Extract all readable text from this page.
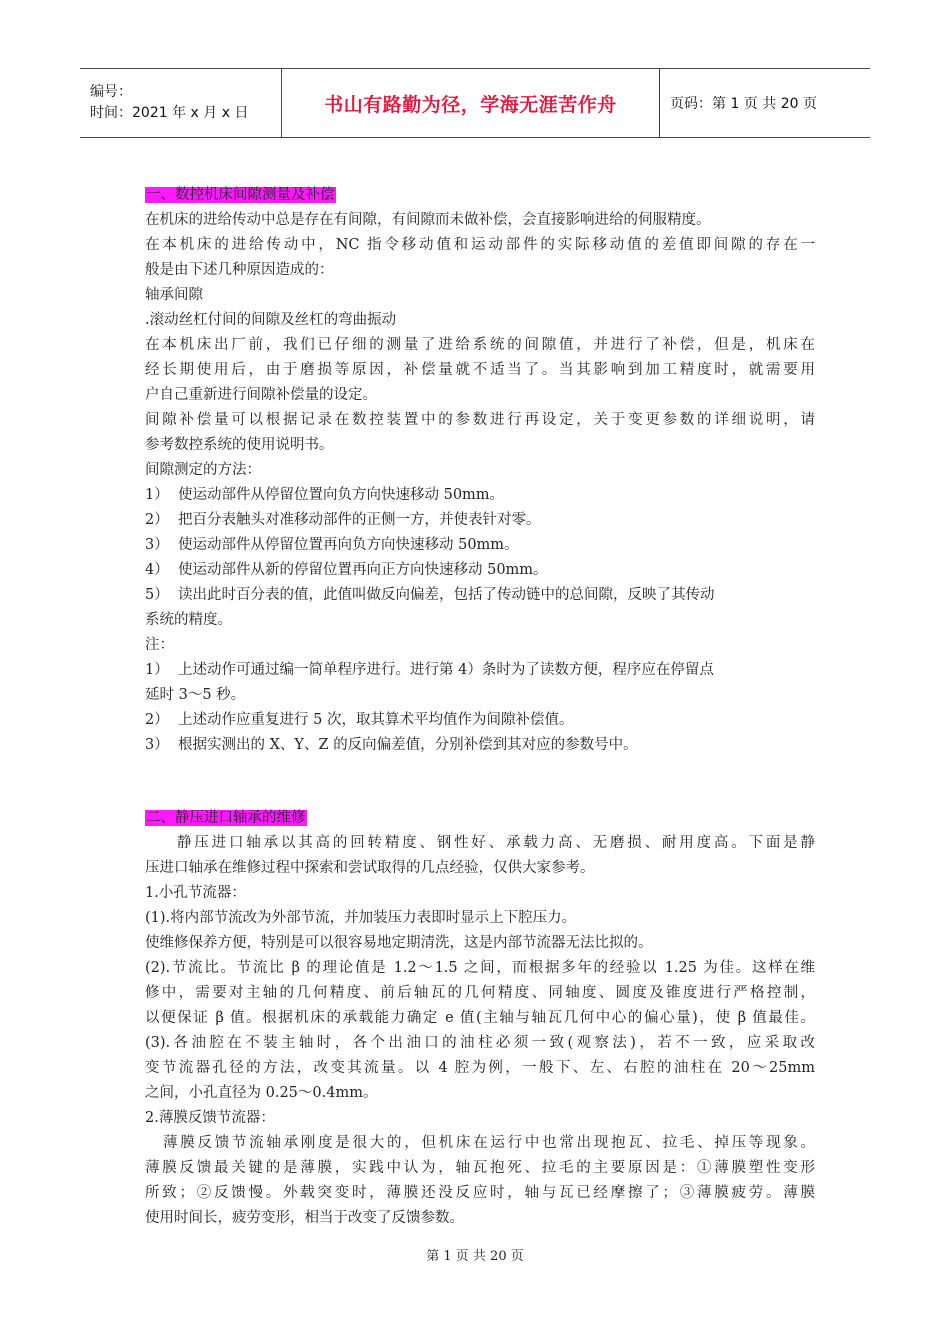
编号：
时间：2021 年 x 月 x 日	书山有路勤为径，学海无涯苦作舟	页码：第 1 页 共 20 页
一、数控机床间隙测量及补偿
在机床的进给传动中总是存在有间隙，有间隙而未做补偿，会直接影响进给的伺服精度。
在本机床的进给传动中，NC 指令移动值和运动部件的实际移动值的差值即间隙的存在一
般是由下述几种原因造成的：
轴承间隙
.滚动丝杠付间的间隙及丝杠的弯曲振动
在本机床出厂前，我们已仔细的测量了进给系统的间隙值，并进行了补偿，但是，机床在
经长期使用后，由于磨损等原因，补偿量就不适当了。当其影响到加工精度时，就需要用
户自己重新进行间隙补偿量的设定。
间隙补偿量可以根据记录在数控装置中的参数进行再设定，关于变更参数的详细说明，请
参考数控系统的使用说明书。
间隙测定的方法：
1） 使运动部件从停留位置向负方向快速移动 50mm。
2） 把百分表触头对准移动部件的正侧一方，并使表针对零。
3） 使运动部件从停留位置再向负方向快速移动 50mm。
4） 使运动部件从新的停留位置再向正方向快速移动 50mm。
5） 读出此时百分表的值，此值叫做反向偏差，包括了传动链中的总间隙，反映了其传动
系统的精度。
注：
1） 上述动作可通过编一简单程序进行。进行第 4）条时为了读数方便，程序应在停留点
延时 3～5 秒。
2） 上述动作应重复进行 5 次，取其算术平均值作为间隙补偿值。
3） 根据实测出的 X、Y、Z 的反向偏差值，分别补偿到其对应的参数号中。
二、静压进口轴承的维修
静压进口轴承以其高的回转精度、钢性好、承载力高、无磨损、耐用度高。下面是静
压进口轴承在维修过程中探索和尝试取得的几点经验，仅供大家参考。
1.小孔节流器：
(1).将内部节流改为外部节流，并加装压力表即时显示上下腔压力。
使维修保养方便，特别是可以很容易地定期清洗，这是内部节流器无法比拟的。
(2).节流比。节流比 β 的理论值是 1.2～1.5 之间，而根据多年的经验以 1.25 为佳。这样在维
修中，需要对主轴的几何精度、前后轴瓦的几何精度、同轴度、圆度及锥度进行严格控制，
以便保证 β 值。根据机床的承载能力确定 e 值(主轴与轴瓦几何中心的偏心量)，使 β 值最佳。
(3).各油腔在不装主轴时，各个出油口的油柱必须一致(观察法)，若不一致，应采取改
变节流器孔径的方法，改变其流量。以 4 腔为例，一般下、左、右腔的油柱在 20～25mm
之间，小孔直径为 0.25～0.4mm。
2.薄膜反馈节流器：
薄膜反馈节流轴承刚度是很大的，但机床在运行中也常出现抱瓦、拉毛、掉压等现象。
薄膜反馈最关键的是薄膜，实践中认为，轴瓦抱死、拉毛的主要原因是：①薄膜塑性变形
所致；②反馈慢。外载突变时，薄膜还没反应时，轴与瓦已经摩擦了；③薄膜疲劳。薄膜
使用时间长，疲劳变形，相当于改变了反馈参数。
第 1 页 共 20 页
